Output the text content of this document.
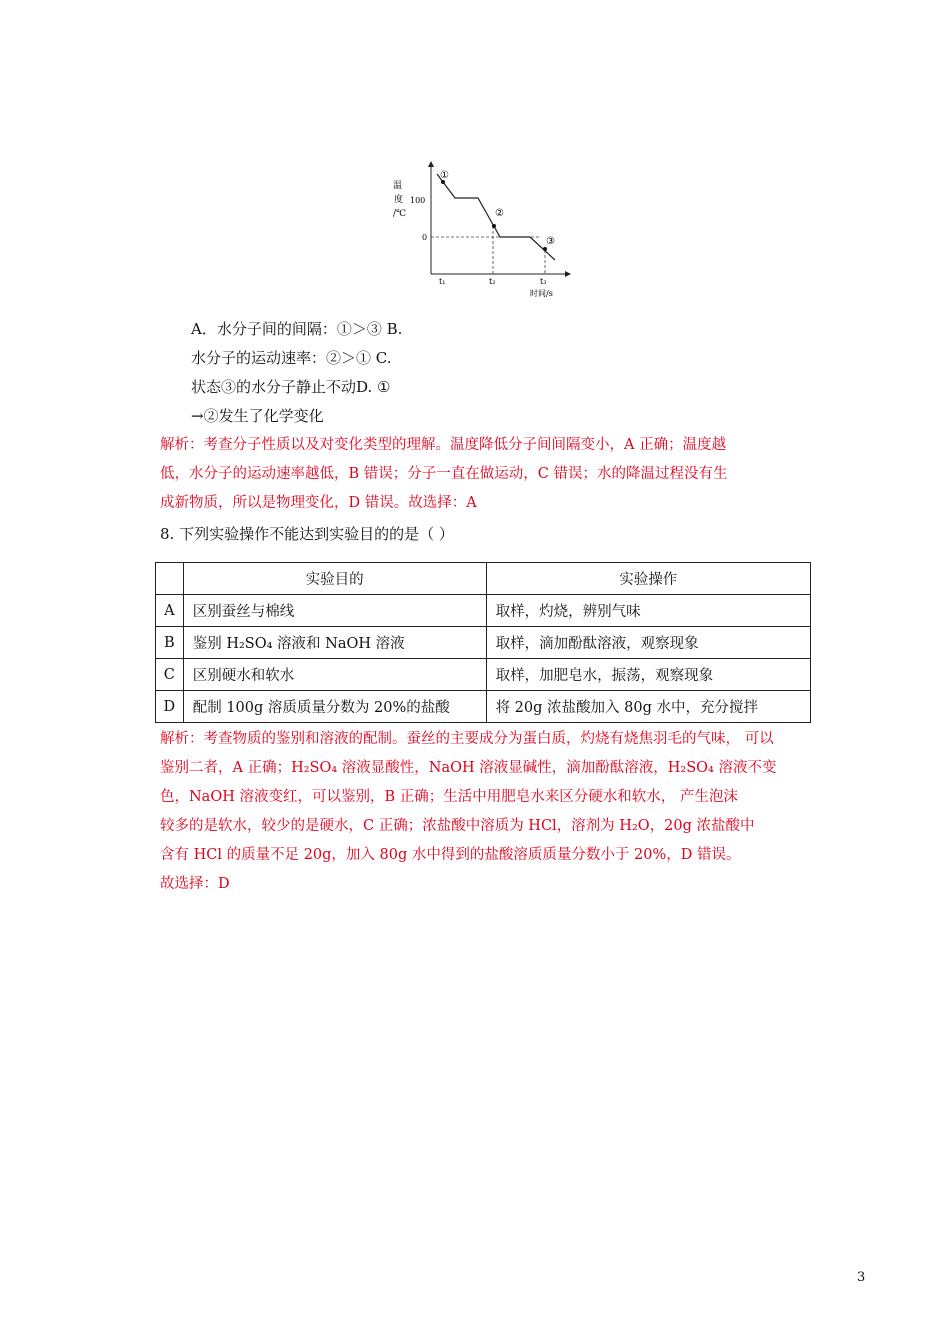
温
度
/℃
100
0
①
②
③
t₁	t₂	t₃
时间/s
A．水分子间的间隔：①＞③ B.
水分子的运动速率：②＞① C.
状态③的水分子静止不动D. ①
→②发生了化学变化
解析：考查分子性质以及对变化类型的理解。温度降低分子间间隔变小，A 正确；温度越
低，水分子的运动速率越低，B 错误；分子一直在做运动，C 错误；水的降温过程没有生
成新物质，所以是物理变化，D 错误。故选择：A
8. 下列实验操作不能达到实验目的的是（ ）
	实验目的	实验操作
A	区别蚕丝与棉线	取样，灼烧，辨别气味
B	鉴别 H₂SO₄ 溶液和 NaOH 溶液	取样，滴加酚酞溶液，观察现象
C	区别硬水和软水	取样，加肥皂水，振荡，观察现象
D	配制 100g 溶质质量分数为 20%的盐酸	将 20g 浓盐酸加入 80g 水中，充分搅拌
解析：考查物质的鉴别和溶液的配制。蚕丝的主要成分为蛋白质，灼烧有烧焦羽毛的气味， 可以
鉴别二者，A 正确；H₂SO₄ 溶液显酸性，NaOH 溶液显碱性，滴加酚酞溶液，H₂SO₄ 溶液不变
色，NaOH 溶液变红，可以鉴别，B 正确；生活中用肥皂水来区分硬水和软水， 产生泡沫
较多的是软水，较少的是硬水，C 正确；浓盐酸中溶质为 HCl，溶剂为 H₂O，20g 浓盐酸中
含有 HCl 的质量不足 20g，加入 80g 水中得到的盐酸溶质质量分数小于 20%，D 错误。
故选择：D
3
